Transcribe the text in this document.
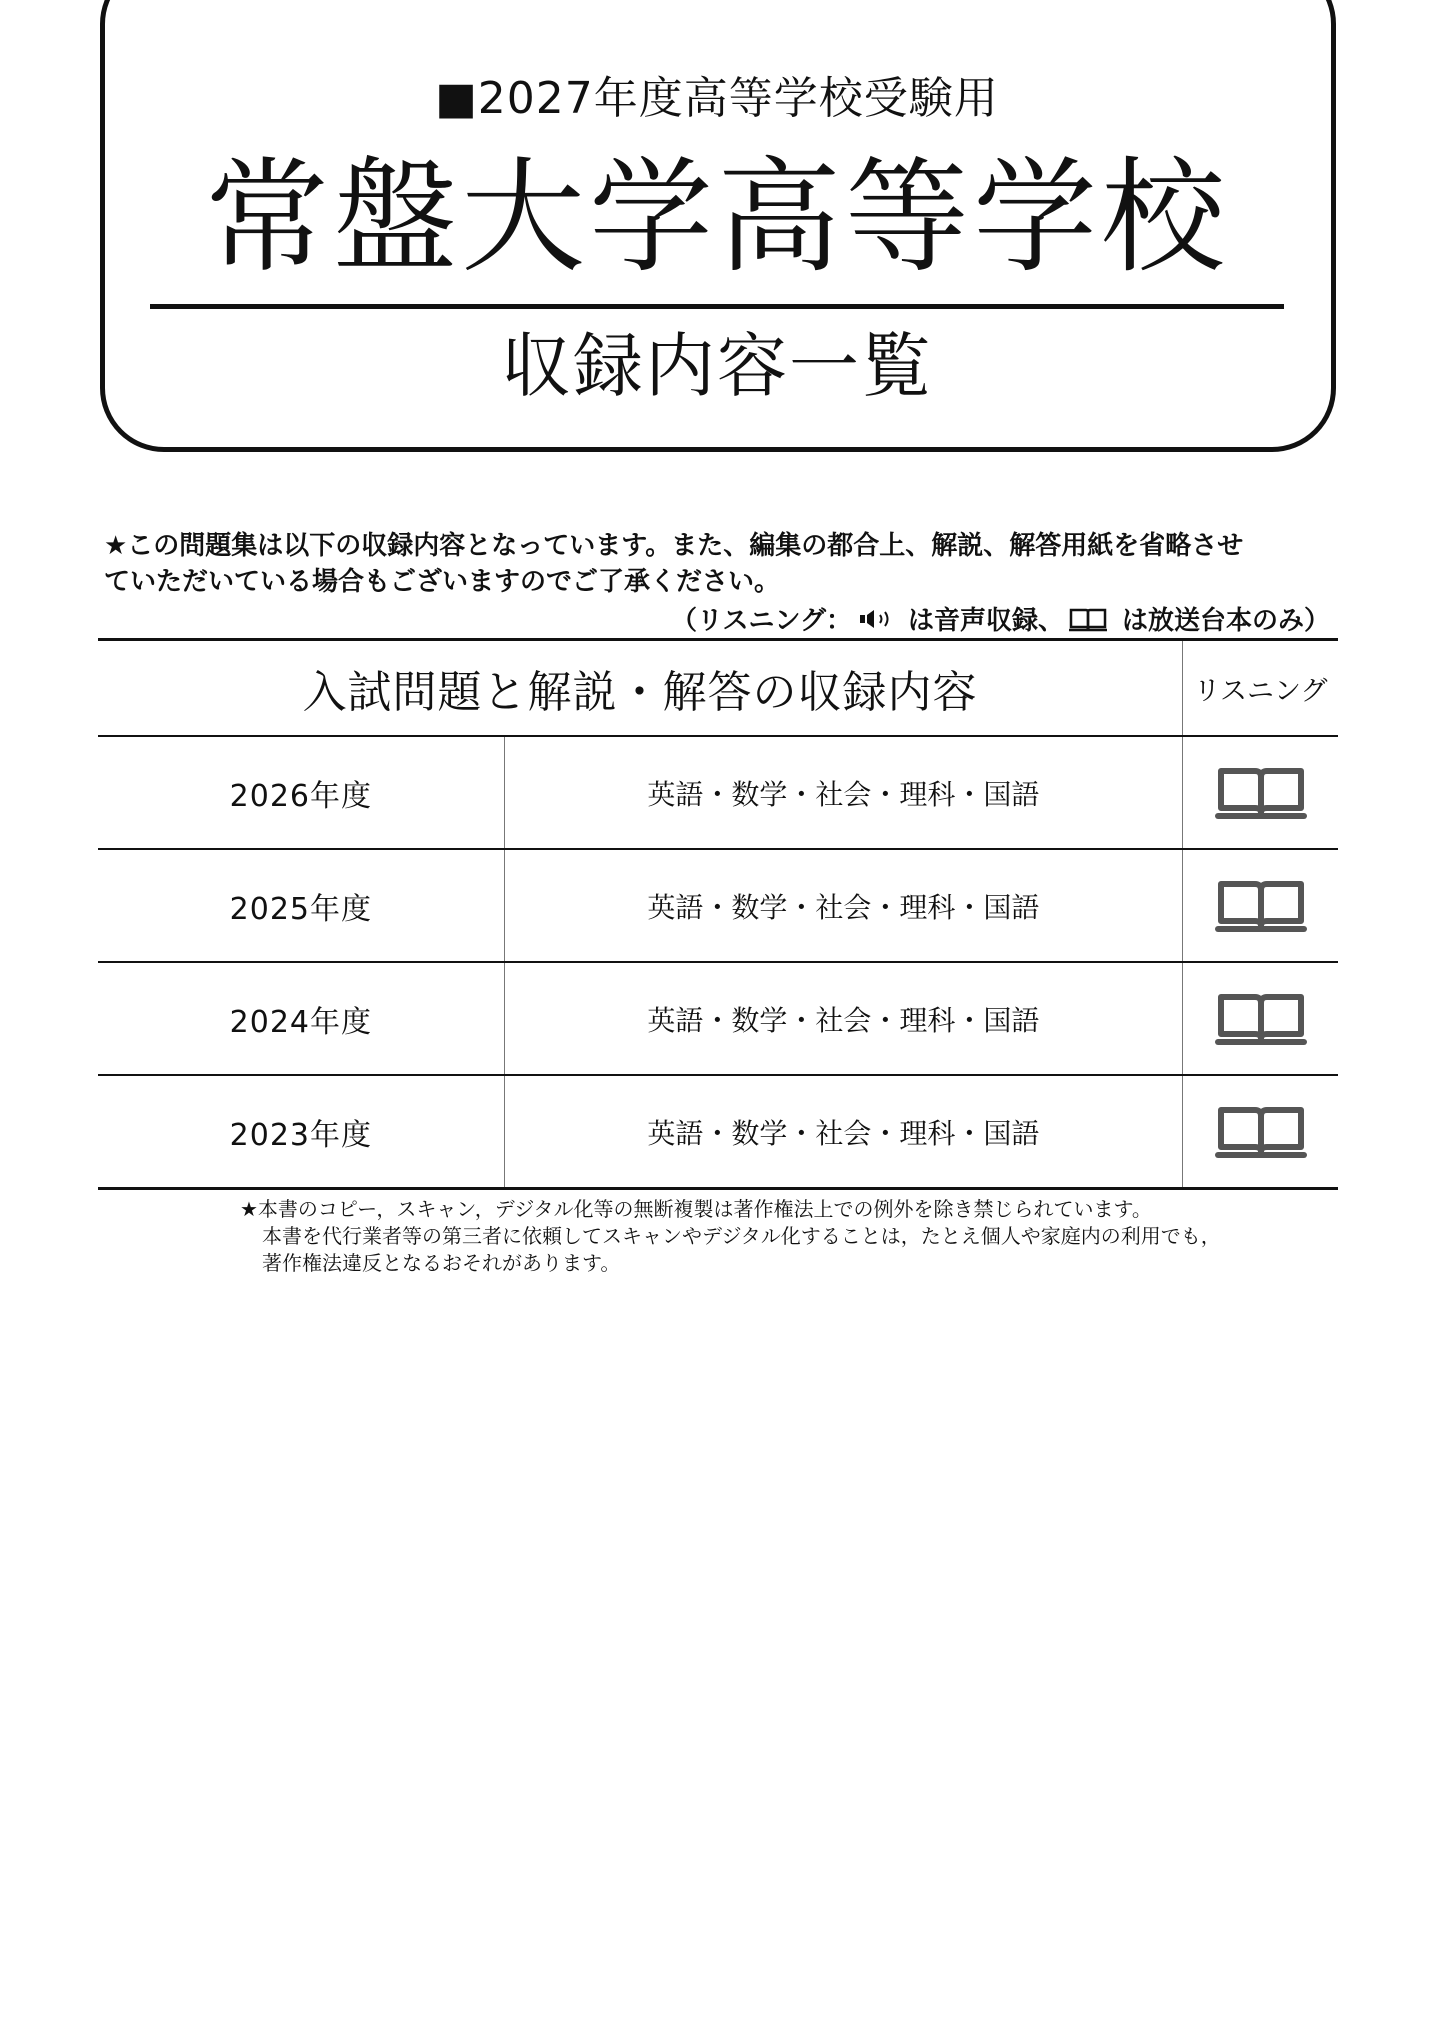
■2027年度高等学校受験用
常盤大学高等学校
収録内容一覧
★この問題集は以下の収録内容となっています。また、編集の都合上、解説、解答用紙を省略させ
ていただいている場合もございますのでご了承ください。
（リスニング： は音声収録、 は放送台本のみ）
入試問題と解説・解答の収録内容	リスニング
2026年度	英語・数学・社会・理科・国語
2025年度	英語・数学・社会・理科・国語
2024年度	英語・数学・社会・理科・国語
2023年度	英語・数学・社会・理科・国語
★本書のコピー，スキャン，デジタル化等の無断複製は著作権法上での例外を除き禁じられています。
本書を代行業者等の第三者に依頼してスキャンやデジタル化することは，たとえ個人や家庭内の利用でも，
著作権法違反となるおそれがあります。
